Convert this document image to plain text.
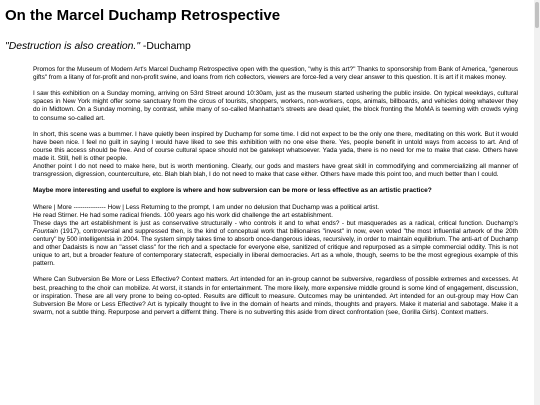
On the Marcel Duchamp Retrospective
"Destruction is also creation." -Duchamp

Promos for the Museum of Modern Art's Marcel Duchamp Retrospective open with the question, "why is this art?" Thanks to sponsorship from Bank of America, "generous gifts" from a litany of for-profit and non-profit swine, and loans from rich collectors, viewers are force-fed a very clear answer to this question. It is art if it makes money.

I saw this exhibition on a Sunday morning, arriving on 53rd Street around 10:30am, just as the museum started ushering the public inside. On typical weekdays, cultural spaces in New York might offer some sanctuary from the circus of tourists, shoppers, workers, non-workers, cops, animals, billboards, and vehicles doing whatever they do in Midtown. On a Sunday morning, by contrast, while many of so-called Manhattan's streets are dead quiet, the block fronting the MoMA is teeming with crowds vying to consume so-called art.

In short, this scene was a bummer. I have quietly been inspired by Duchamp for some time. I did not expect to be the only one there, meditating on this work. But it would have been nice. I feel no guilt in saying I would have liked to see this exhibition with no one else there. Yes, people benefit in untold ways from access to art. And of course this access should be free. And of course cultural space should not be gatekept whatsoever. Yada yada, there is no need for me to make that case. Others have made it. Still, hell is other people.

Another point I do not need to make here, but is worth mentioning. Clearly, our gods and masters have great skill in commodifying and commercializing all manner of transgression, digression, counterculture, etc. Blah blah blah, I do not need to make that case either. Others have made this point too, and much better than I could.

Maybe more interesting and useful to explore is where and how subversion can be more or less effective as an artistic practice?

Where | More --------------- How | Less Returning to the prompt, I am under no delusion that Duchamp was a political artist.

He read Stirner. He had some radical friends. 100 years ago his work did challenge the art establishment.

These days the art establishment is just as conservative structurally - who controls it and to what ends? - but masquerades as a radical, critical function. Duchamp's Fountain (1917), controversial and suppressed then, is the kind of conceptual work that billionaires "invest" in now, even voted "the most influential artwork of the 20th century" by 500 intelligentsia in 2004. The system simply takes time to absorb once-dangerous ideas, recursively, in order to maintain equilibrium. The anti-art of Duchamp and other Dadaists is now an "asset class" for the rich and a spectacle for everyone else, sanitized of critique and repurposed as a simple commercial oddity. This is not unique to art, but a broader feature of contemporary statecraft, especially in liberal democracies. Art as a whole, though, seems to be the most egregious example of this pattern.

Where Can Subversion Be More or Less Effective? Context matters. Art intended for an in-group cannot be subversive, regardless of possible extremes and excesses. At best, preaching to the choir can mobilize. At worst, it stands in for entertainment. The more likely, more expensive middle ground is some kind of engagement, discussion, or inspiration. These are all very prone to being co-opted. Results are difficult to measure. Outcomes may be unintended. Art intended for an out-group may How Can Subversion Be More or Less Effective? Art is typically thought to live in the domain of hearts and minds, thoughts and prayers. Make it material and sabotage. Make it a swarm, not a subtle thing. Repurpose and pervert a differnt thing. There is no subverting this aside from direct confrontation (see, Gorilla Girls). Context matters.
